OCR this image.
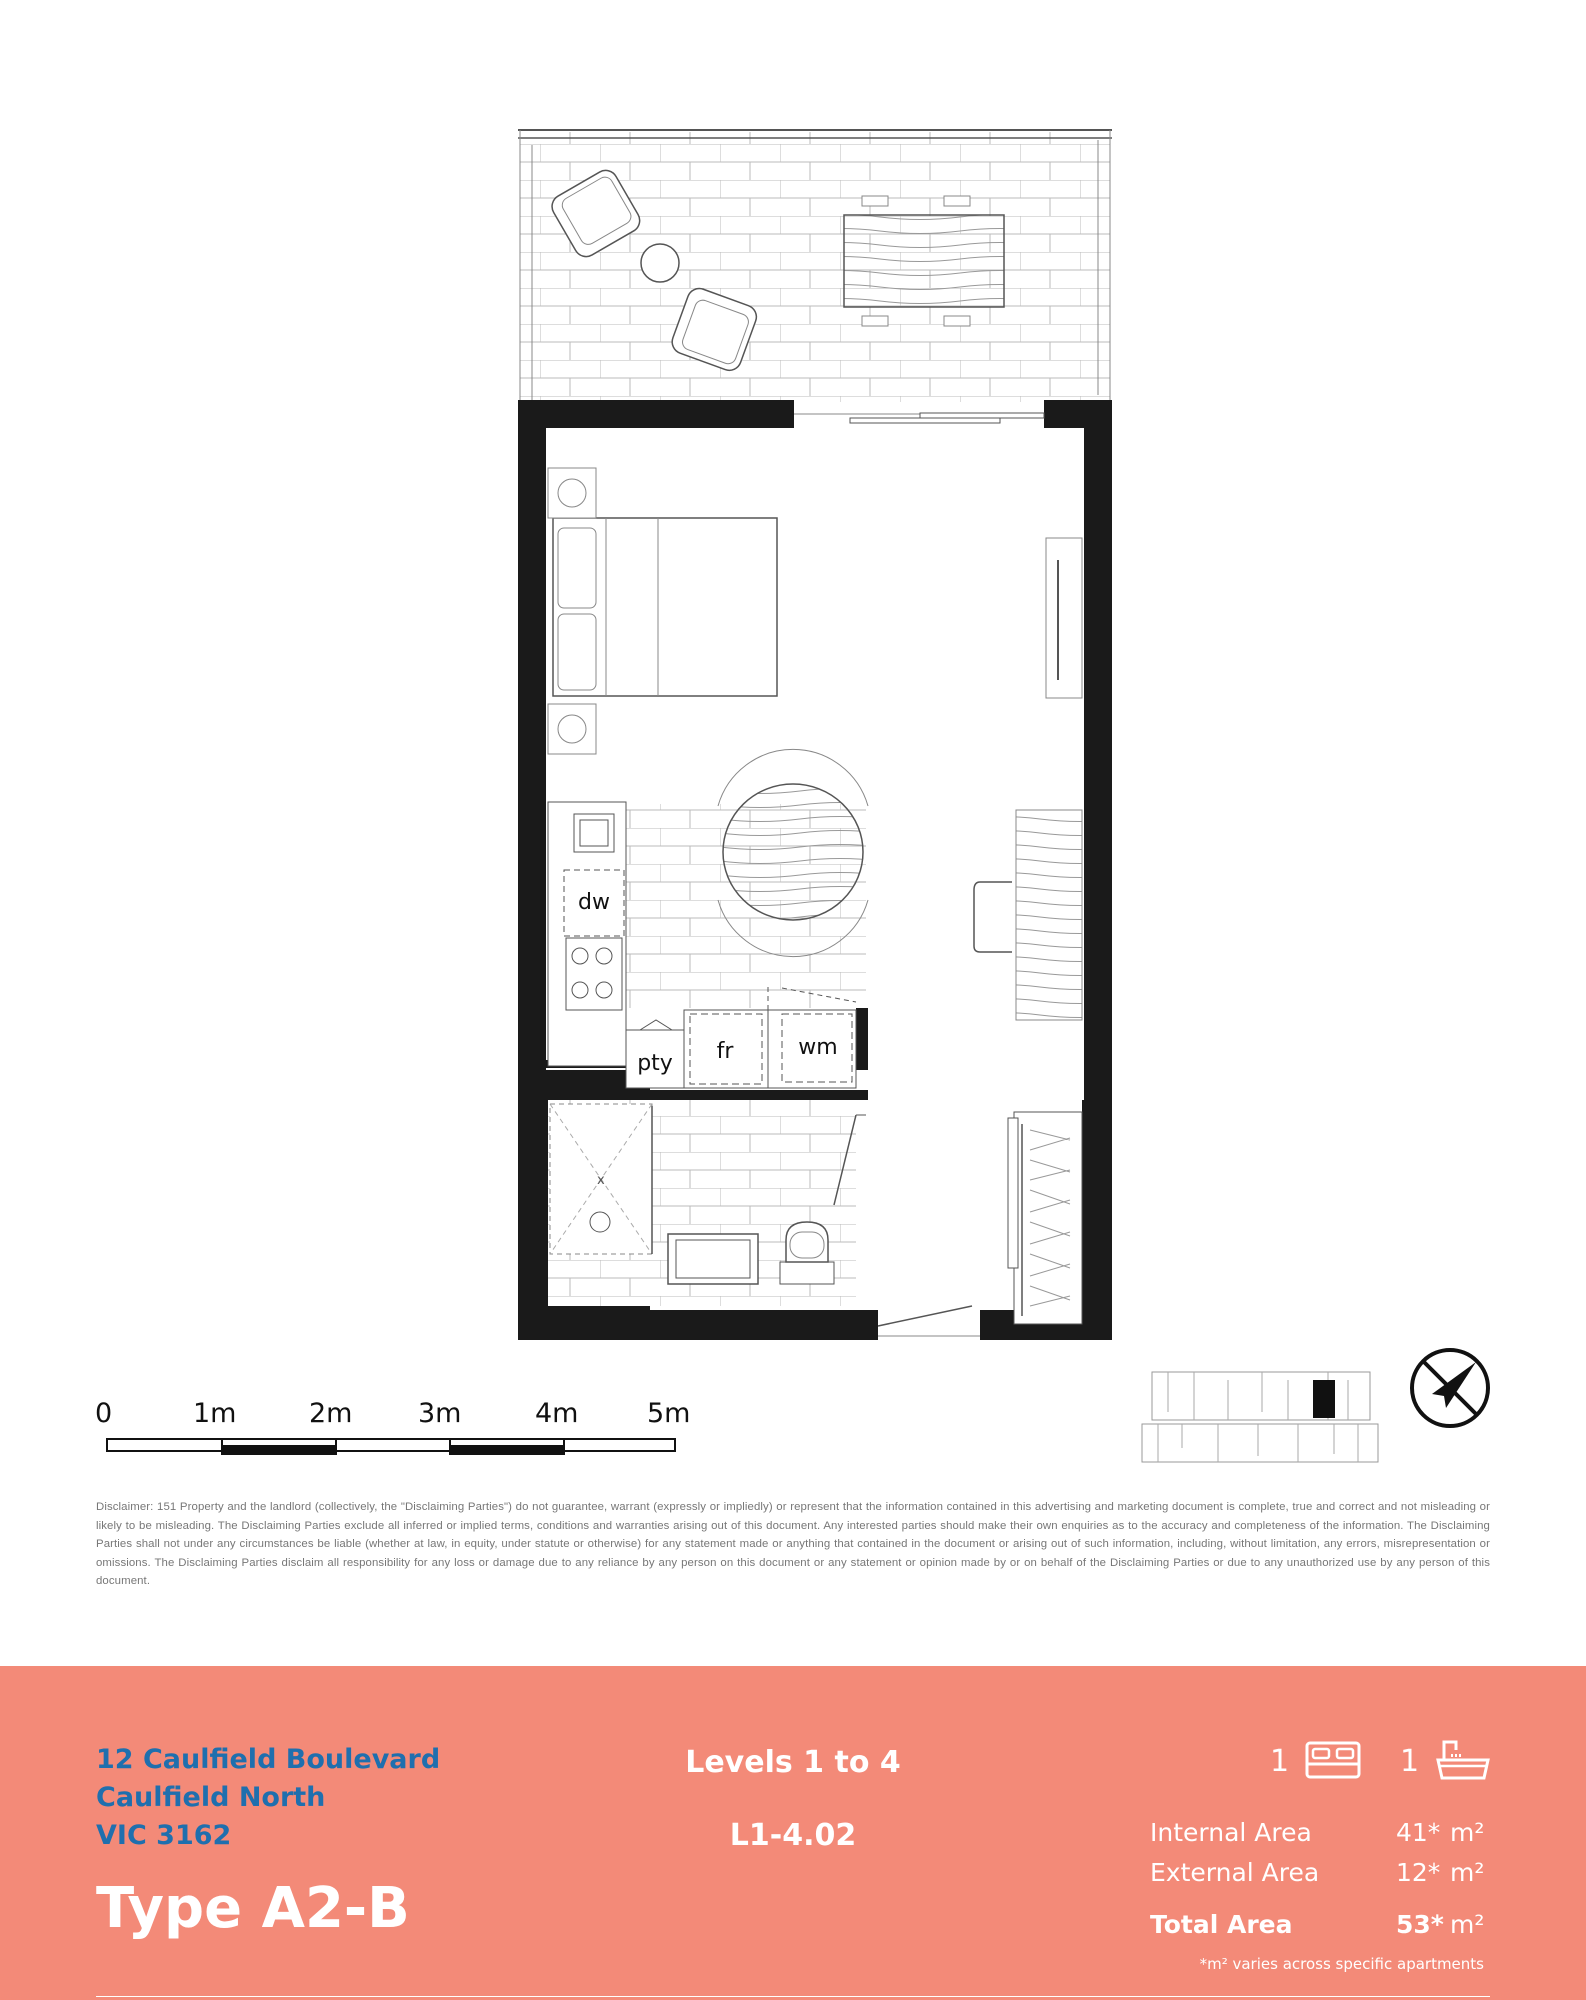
dw
pty fr	wm
x
0	1m	2m 3m	4m	5m
Disclaimer: 151 Property and the landlord (collectively, the "Disclaiming Parties") do not guarantee, warrant (expressly or impliedly) or represent that the information contained in this advertising and marketing document is complete, true and correct and not misleading or likely to be misleading. The Disclaiming Parties exclude all inferred or implied terms, conditions and warranties arising out of this document. Any interested parties should make their own enquiries as to the accuracy and completeness of the information. The Disclaiming Parties shall not under any circumstances be liable (whether at law, in equity, under statute or otherwise) for any statement made or anything that contained in the document or arising out of such information, including, without limitation, any errors, misrepresentation or omissions. The Disclaiming Parties disclaim all responsibility for any loss or damage due to any reliance by any person on this document or any statement or opinion made by or on behalf of the Disclaiming Parties or due to any unauthorized use by any person of this document.
12 Caulfield Boulevard
Caulfield North
VIC 3162
Type A2-B
Levels 1 to 4
L1-4.02
1	1
Internal Area	41* m²
External Area	12* m²
Total Area	53* m²
*m² varies across specific apartments
